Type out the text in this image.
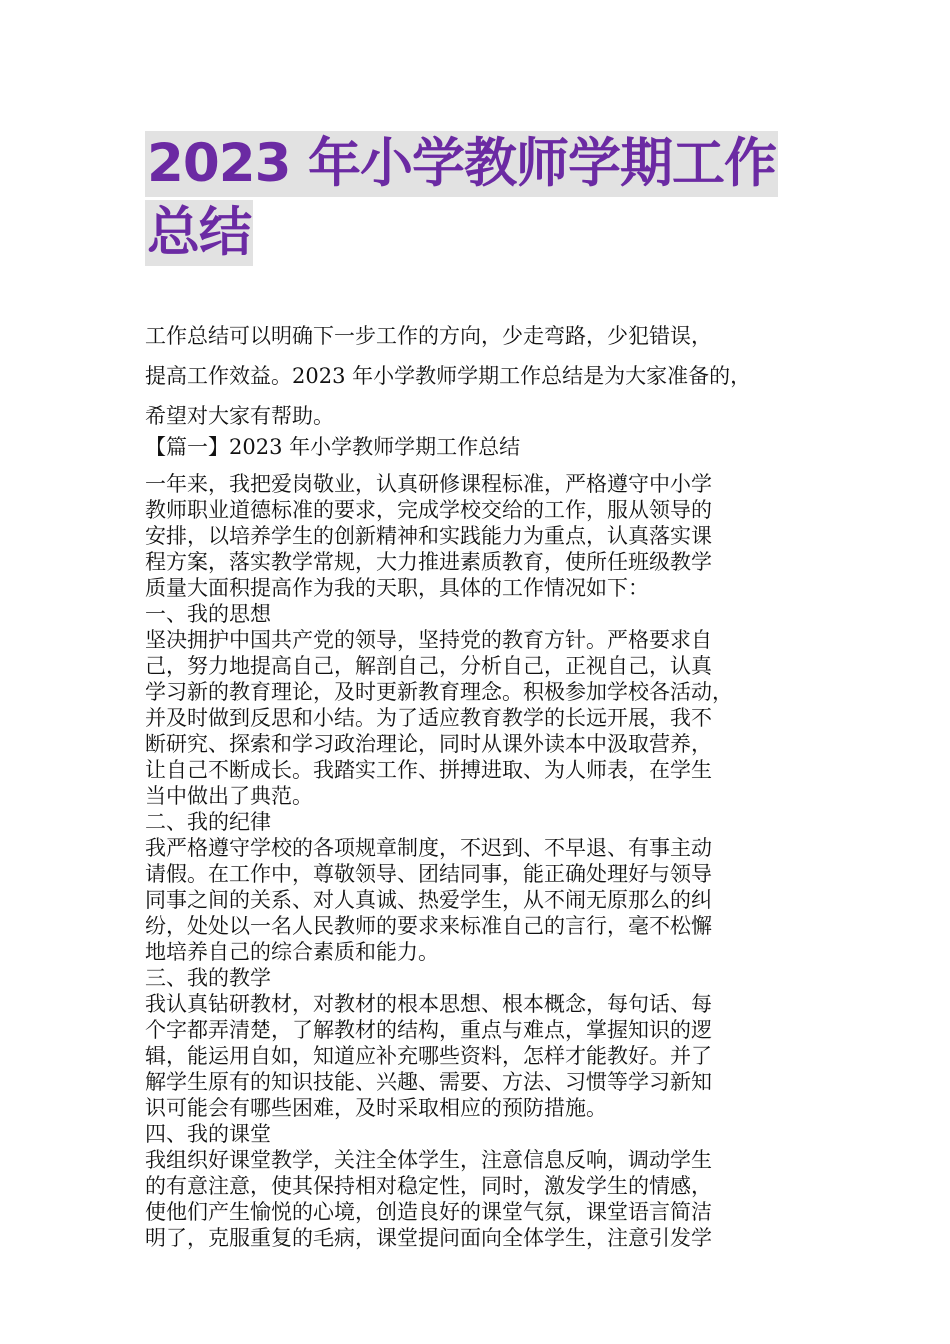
2023 年小学教师学期工作
总结

工作总结可以明确下一步工作的方向，少走弯路，少犯错误，
提高工作效益。2023 年小学教师学期工作总结是为大家准备的，
希望对大家有帮助。

【篇一】2023 年小学教师学期工作总结
一年来，我把爱岗敬业，认真研修课程标准，严格遵守中小学
教师职业道德标准的要求，完成学校交给的工作，服从领导的
安排，以培养学生的创新精神和实践能力为重点，认真落实课
程方案，落实教学常规，大力推进素质教育，使所任班级教学
质量大面积提高作为我的天职，具体的工作情况如下：
一、我的思想
坚决拥护中国共产党的领导，坚持党的教育方针。严格要求自
己，努力地提高自己，解剖自己，分析自己，正视自己，认真
学习新的教育理论，及时更新教育理念。积极参加学校各活动，
并及时做到反思和小结。为了适应教育教学的长远开展，我不
断研究、探索和学习政治理论，同时从课外读本中汲取营养，
让自己不断成长。我踏实工作、拼搏进取、为人师表，在学生
当中做出了典范。
二、我的纪律
我严格遵守学校的各项规章制度，不迟到、不早退、有事主动
请假。在工作中，尊敬领导、团结同事，能正确处理好与领导
同事之间的关系、对人真诚、热爱学生，从不闹无原那么的纠
纷，处处以一名人民教师的要求来标准自己的言行，毫不松懈
地培养自己的综合素质和能力。
三、我的教学
我认真钻研教材，对教材的根本思想、根本概念，每句话、每
个字都弄清楚，了解教材的结构，重点与难点，掌握知识的逻
辑，能运用自如，知道应补充哪些资料，怎样才能教好。并了
解学生原有的知识技能、兴趣、需要、方法、习惯等学习新知
识可能会有哪些困难，及时采取相应的预防措施。
四、我的课堂
我组织好课堂教学，关注全体学生，注意信息反响，调动学生
的有意注意，使其保持相对稳定性，同时，激发学生的情感，
使他们产生愉悦的心境，创造良好的课堂气氛，课堂语言简洁
明了，克服重复的毛病，课堂提问面向全体学生，注意引发学
